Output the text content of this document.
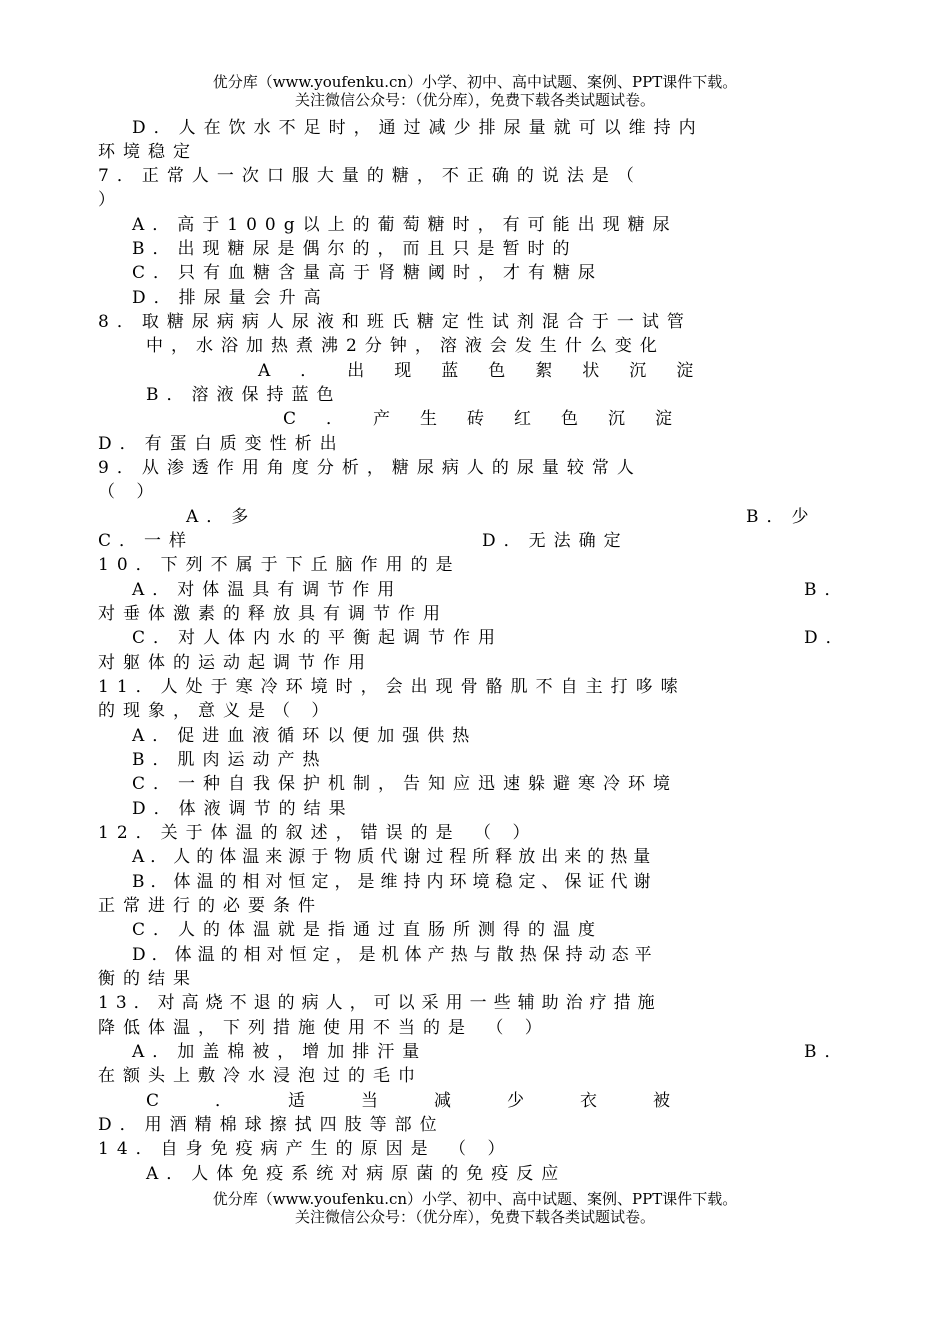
优分库（www.youfenku.cn）小学、初中、高中试题、案例、PPT课件下载。
关注微信公众号：（优分库），免费下载各类试题试卷。
D．人在饮水不足时，通过减少排尿量就可以维持内
环境稳定
7．正常人一次口服大量的糖，不正确的说法是（
）
A．高于100g以上的葡萄糖时，有可能出现糖尿
B．出现糖尿是偶尔的，而且只是暂时的
C．只有血糖含量高于肾糖阈时，才有糖尿
D．排尿量会升高
8．取糖尿病病人尿液和班氏糖定性试剂混合于一试管
中，水浴加热煮沸2分钟，溶液会发生什么变化
A．出现蓝色絮状沉淀
B．溶液保持蓝色
C．产生砖红色沉淀
D．有蛋白质变性析出
9．从渗透作用角度分析，糖尿病人的尿量较常人
（ ）
A．多	B．少
C．一样	D．无法确定
10．下列不属于下丘脑作用的是
A．对体温具有调节作用	B．
对垂体激素的释放具有调节作用
C．对人体内水的平衡起调节作用	D．
对躯体的运动起调节作用
11．人处于寒冷环境时，会出现骨骼肌不自主打哆嗦
的现象，意义是（ ）
A．促进血液循环以便加强供热
B．肌肉运动产热
C．一种自我保护机制，告知应迅速躲避寒冷环境
D．体液调节的结果
12．关于体温的叙述，错误的是 （ ）
A．人的体温来源于物质代谢过程所释放出来的热量
B．体温的相对恒定，是维持内环境稳定、保证代谢
正常进行的必要条件
C．人的体温就是指通过直肠所测得的温度
D．体温的相对恒定，是机体产热与散热保持动态平
衡的结果
13．对高烧不退的病人，可以采用一些辅助治疗措施
降低体温，下列措施使用不当的是 （ ）
A．加盖棉被，增加排汗量	B．
在额头上敷冷水浸泡过的毛巾
C．适当减少衣被
D．用酒精棉球擦拭四肢等部位
14．自身免疫病产生的原因是 （ ）
A．人体免疫系统对病原菌的免疫反应
优分库（www.youfenku.cn）小学、初中、高中试题、案例、PPT课件下载。
关注微信公众号：（优分库），免费下载各类试题试卷。
